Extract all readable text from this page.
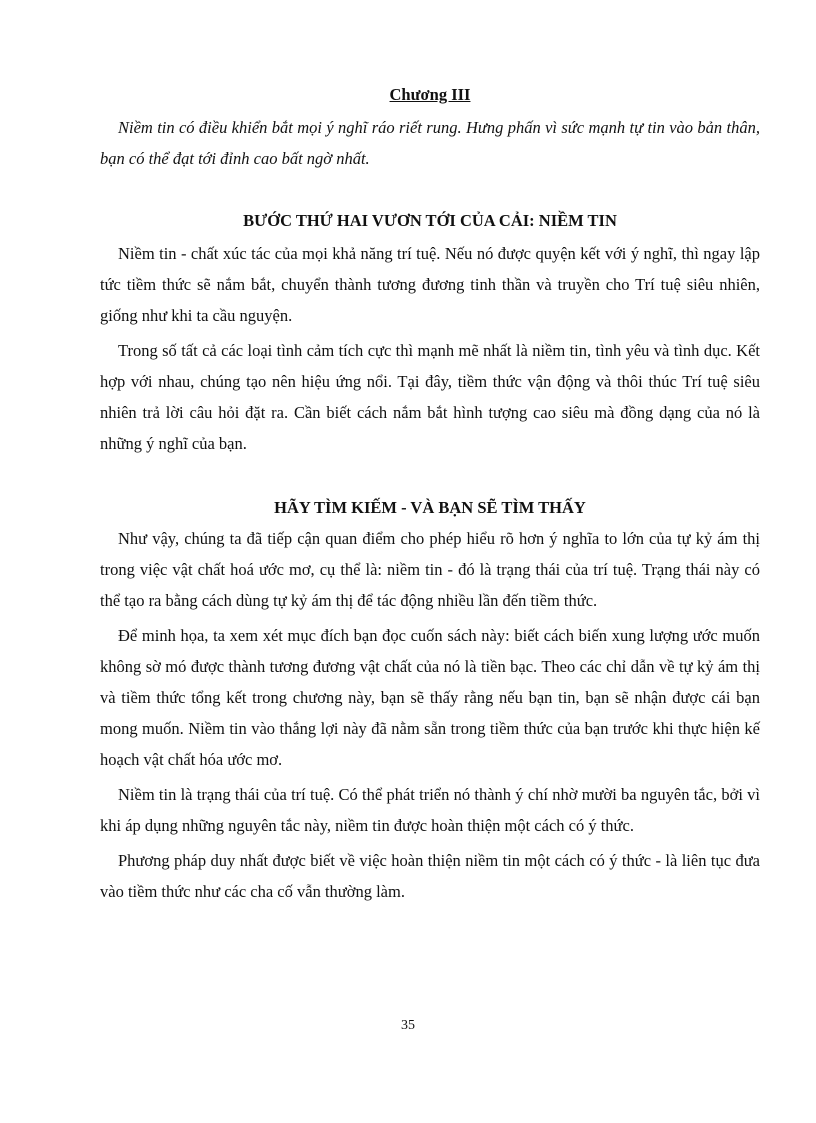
Chương III

Niềm tin có điều khiển bắt mọi ý nghĩ ráo riết rung. Hưng phấn vì sức mạnh tự tin vào bản thân, bạn có thể đạt tới đỉnh cao bất ngờ nhất.

BƯỚC THỨ HAI VƯƠN TỚI CỦA CẢI: NIỀM TIN

Niềm tin - chất xúc tác của mọi khả năng trí tuệ. Nếu nó được quyện kết với ý nghĩ, thì ngay lập tức tiềm thức sẽ nắm bắt, chuyển thành tương đương tinh thần và truyền cho Trí tuệ siêu nhiên, giống như khi ta cầu nguyện.

Trong số tất cả các loại tình cảm tích cực thì mạnh mẽ nhất là niềm tin, tình yêu và tình dục. Kết hợp với nhau, chúng tạo nên hiệu ứng nổi. Tại đây, tiềm thức vận động và thôi thúc Trí tuệ siêu nhiên trả lời câu hỏi đặt ra. Cần biết cách nắm bắt hình tượng cao siêu mà đồng dạng của nó là những ý nghĩ của bạn.

HÃY TÌM KIẾM - VÀ BẠN SẼ TÌM THẤY

Như vậy, chúng ta đã tiếp cận quan điểm cho phép hiểu rõ hơn ý nghĩa to lớn của tự kỷ ám thị trong việc vật chất hoá ước mơ, cụ thể là: niềm tin - đó là trạng thái của trí tuệ. Trạng thái này có thể tạo ra bằng cách dùng tự kỷ ám thị để tác động nhiều lần đến tiềm thức.

Để minh họa, ta xem xét mục đích bạn đọc cuốn sách này: biết cách biến xung lượng ước muốn không sờ mó được thành tương đương vật chất của nó là tiền bạc. Theo các chỉ dẫn về tự kỷ ám thị và tiềm thức tổng kết trong chương này, bạn sẽ thấy rằng nếu bạn tin, bạn sẽ nhận được cái bạn mong muốn. Niềm tin vào thắng lợi này đã nằm sẵn trong tiềm thức của bạn trước khi thực hiện kế hoạch vật chất hóa ước mơ.

Niềm tin là trạng thái của trí tuệ. Có thể phát triển nó thành ý chí nhờ mười ba nguyên tắc, bởi vì khi áp dụng những nguyên tắc này, niềm tin được hoàn thiện một cách có ý thức.

Phương pháp duy nhất được biết về việc hoàn thiện niềm tin một cách có ý thức - là liên tục đưa vào tiềm thức như các cha cố vẫn thường làm.

35
